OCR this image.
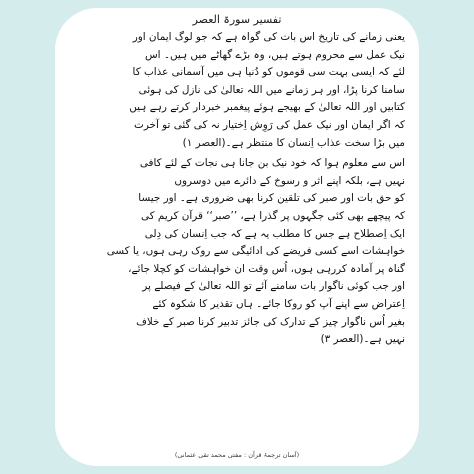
تفسیر سورۃ العصر
یعنی زمانے کی تاریخ اس بات کی گواہ ہے کہ جو لوگ ایمان اور
نیک عمل سے محروم ہوتے ہیں، وہ بڑے گھاٹے میں ہیں۔ اس
لئے کہ ایسی بہت سی قوموں کو دُنیا ہی میں آسمانی عذاب کا
سامنا کرنا پڑا، اور ہر زمانے میں اللہ تعالیٰ کی نازل کی ہوئی
کتابیں اور اللہ تعالیٰ کے بھیجے ہوئے پیغمبر خبردار کرتے رہے ہیں
کہ اگر ایمان اور نیک عمل کی رَوِش اِختیار نہ کی گئی تو آخرت
میں بڑا سخت عذاب اِنسان کا منتظر ہے۔(العصر ۱)
اس سے معلوم ہوا کہ خود نیک بن جانا ہی نجات کے لئے کافی
نہیں ہے، بلکہ اپنے اثر و رسوخ کے دائرے میں دوسروں
کو حق بات اور صبر کی تلقین کرنا بھی ضروری ہے۔ اور جیسا
کہ پیچھے بھی کئی جگہوں پر گذرا ہے، ’’صبر‘‘ قرآن کریم کی
ایک اِصطلاح ہے جس کا مطلب یہ ہے کہ جب اِنسان کی دِلی
خواہشات اسے کسی فریضے کی ادائیگی سے روک رہی ہوں، یا کسی
گناہ پر آمادہ کررہی ہوں، اُس وقت ان خواہشات کو کچلا جائے،
اور جب کوئی ناگوار بات سامنے آئے تو اللہ تعالیٰ کے فیصلے پر
اِعتراض سے اپنے آپ کو روکا جائے۔ ہاں تقدیر کا شکوہ کئے
بغیر اُس ناگوار چیز کے تدارک کی جائز تدبیر کرنا صبر کے خلاف
نہیں ہے۔(العصر ۳)
(آسان ترجمۂ قرآن : مفتی محمد تقی عثمانی)
